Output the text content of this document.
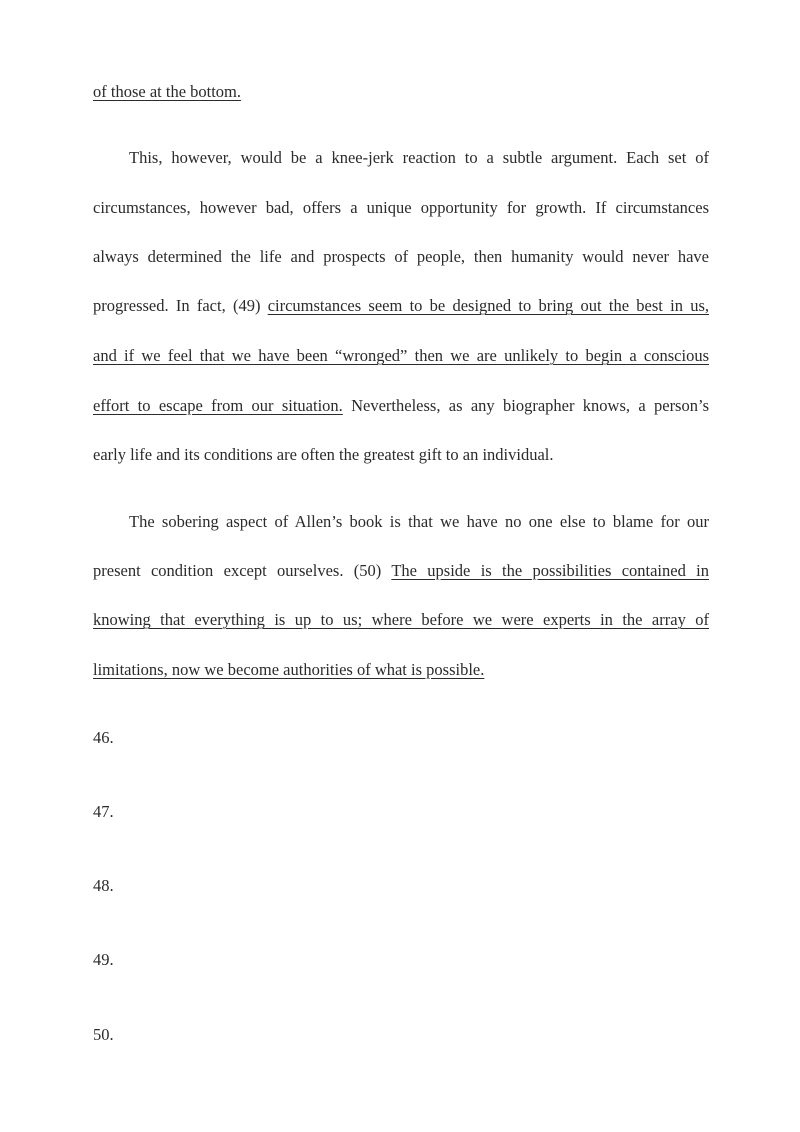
of those at the bottom.
This, however, would be a knee-jerk reaction to a subtle argument. Each set of
circumstances, however bad, offers a unique opportunity for growth. If circumstances
always determined the life and prospects of people, then humanity would never have
progressed. In fact, (49) circumstances seem to be designed to bring out the best in us,
and if we feel that we have been “wronged” then we are unlikely to begin a conscious
effort to escape from our situation. Nevertheless, as any biographer knows, a person’s
early life and its conditions are often the greatest gift to an individual.
The sobering aspect of Allen’s book is that we have no one else to blame for our
present condition except ourselves. (50) The upside is the possibilities contained in
knowing that everything is up to us; where before we were experts in the array of
limitations, now we become authorities of what is possible.
46.
47.
48.
49.
50.
